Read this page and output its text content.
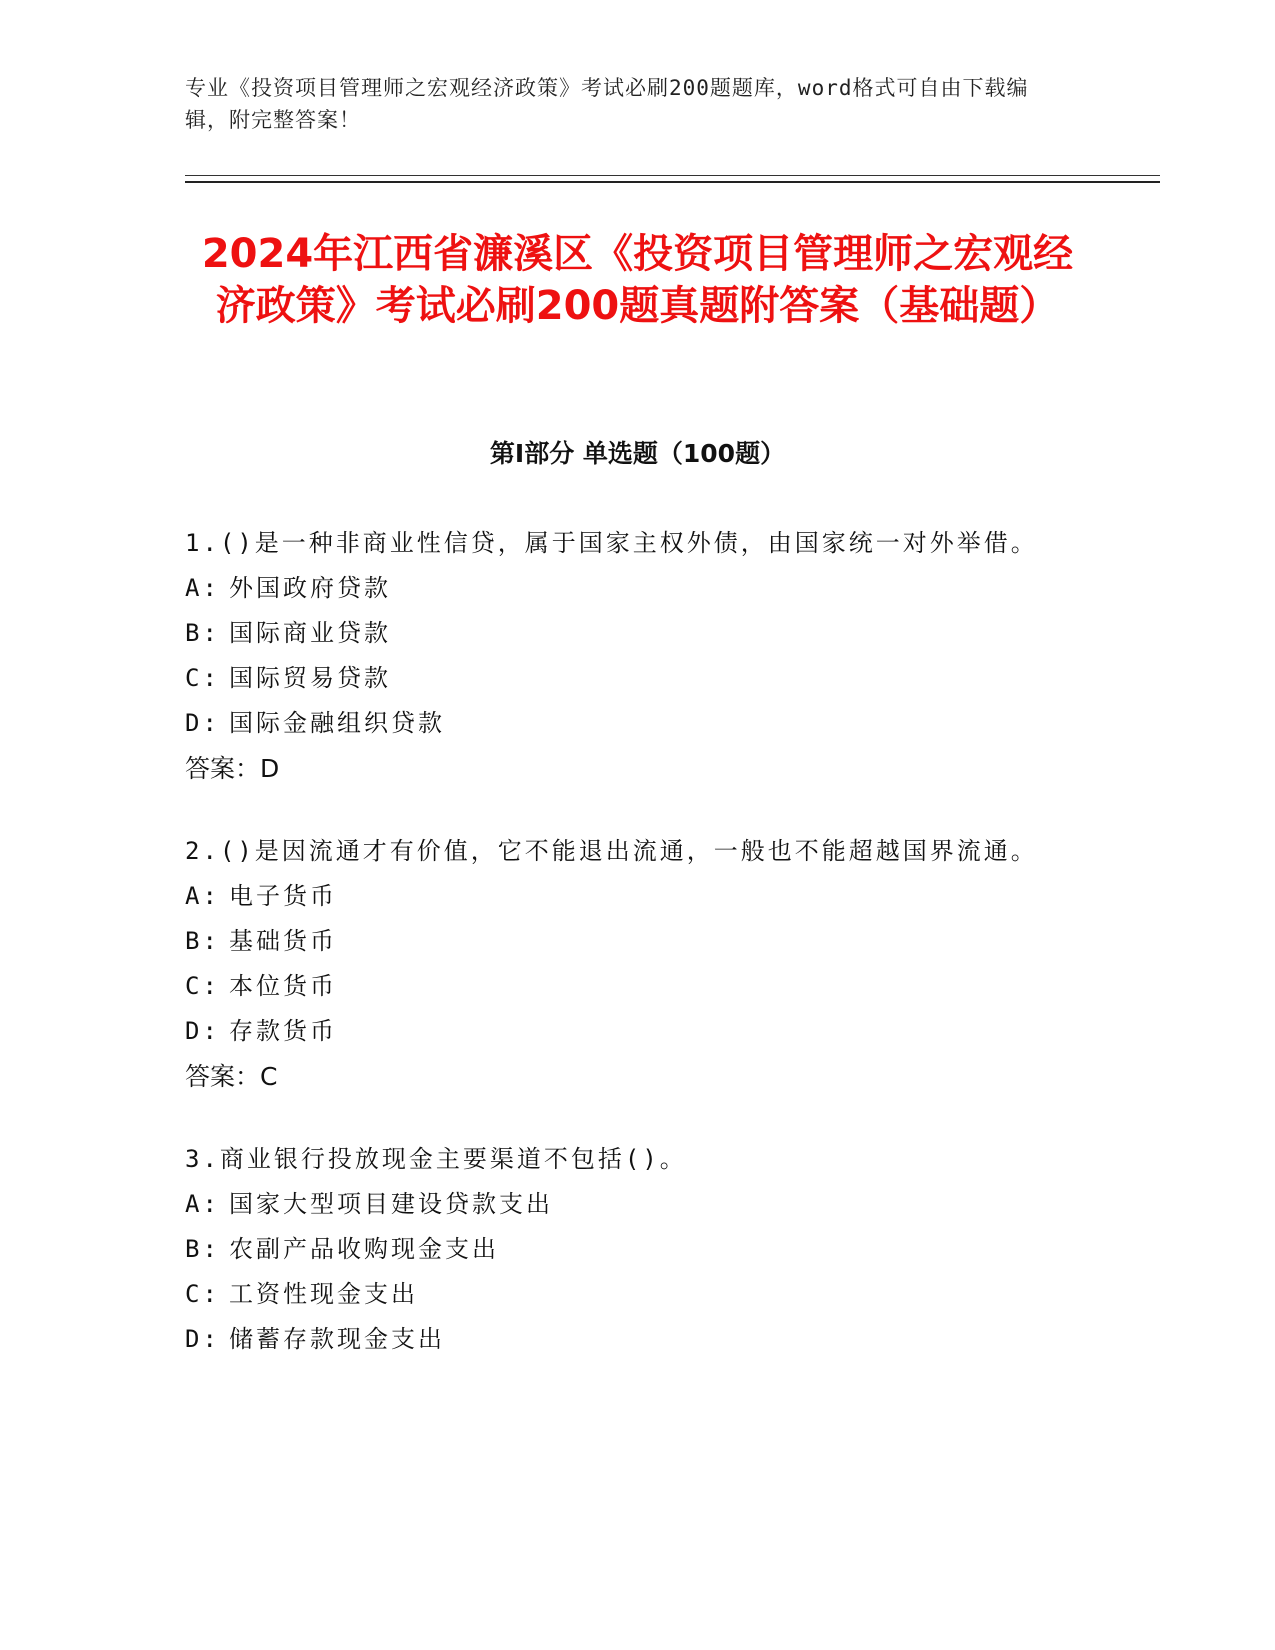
专业《投资项目管理师之宏观经济政策》考试必刷200题题库，word格式可自由下载编辑，附完整答案！
2024年江西省濂溪区《投资项目管理师之宏观经济政策》考试必刷200题真题附答案（基础题）
第Ⅰ部分 单选题（100题）
1.()是一种非商业性信贷，属于国家主权外债，由国家统一对外举借。
A: 外国政府贷款
B: 国际商业贷款
C: 国际贸易贷款
D: 国际金融组织贷款
答案：D
2.()是因流通才有价值，它不能退出流通，一般也不能超越国界流通。
A: 电子货币
B: 基础货币
C: 本位货币
D: 存款货币
答案：C
3.商业银行投放现金主要渠道不包括()。
A: 国家大型项目建设贷款支出
B: 农副产品收购现金支出
C: 工资性现金支出
D: 储蓄存款现金支出
